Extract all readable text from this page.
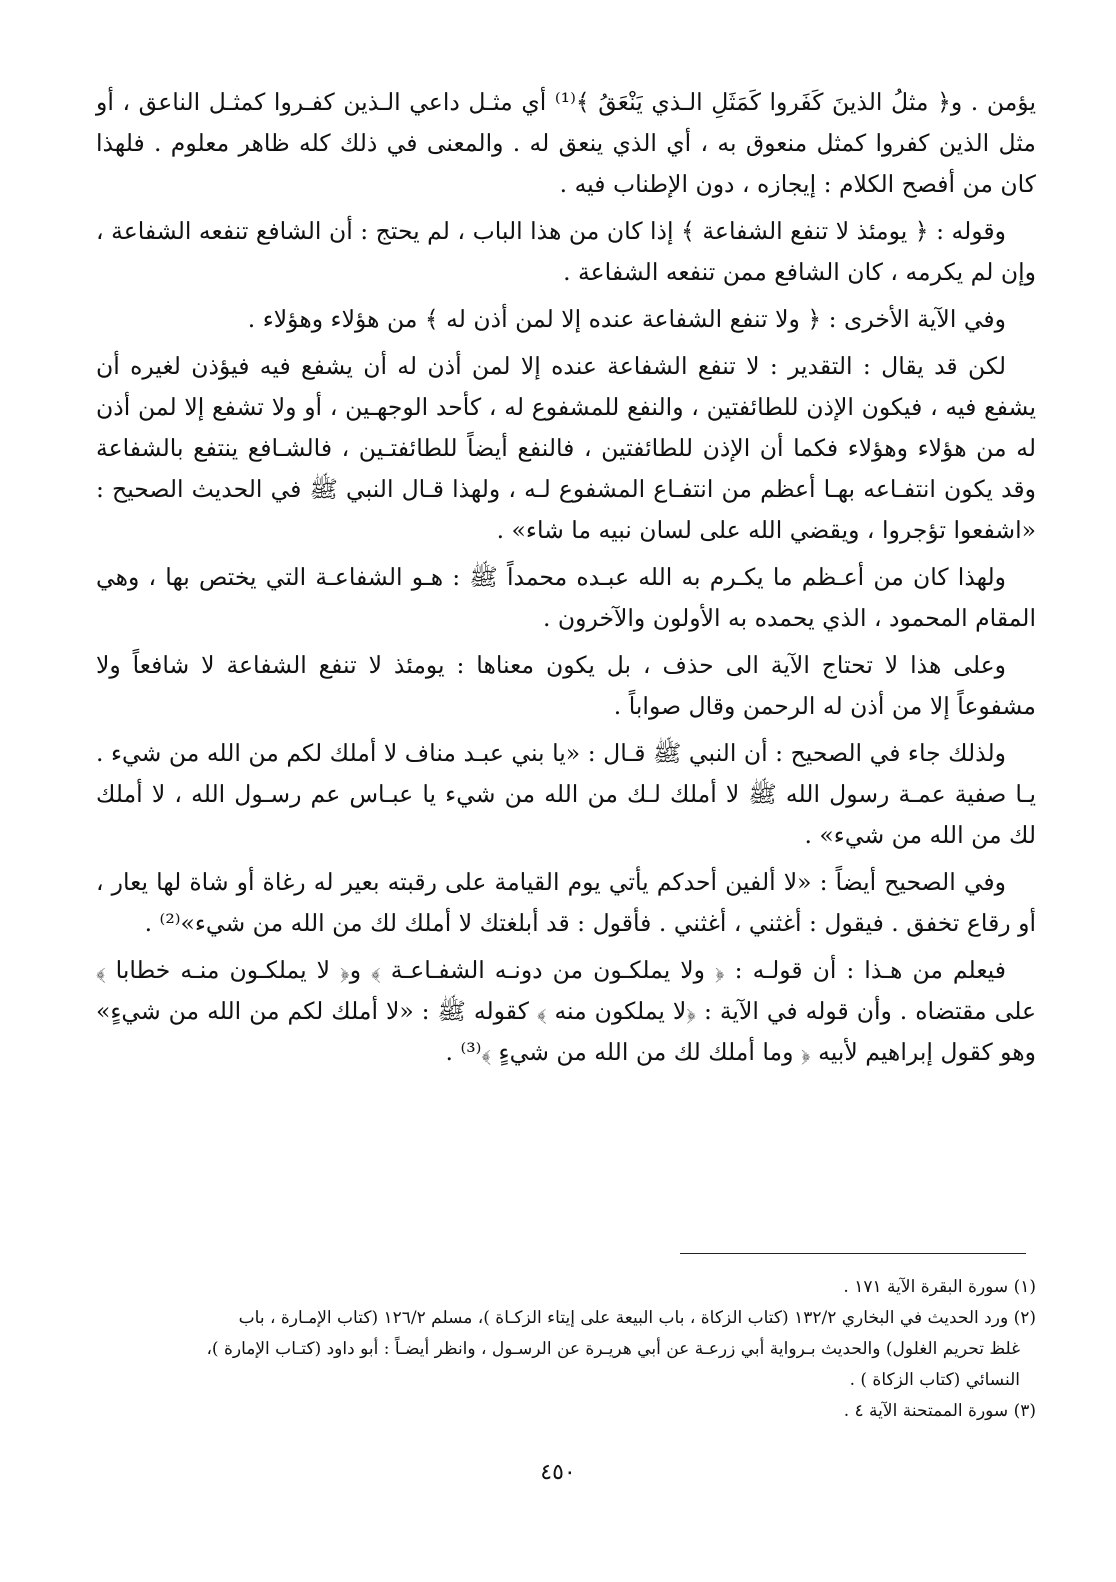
يؤمن . و﴿ مثلُ الذينَ كَفَروا كَمَثَلِ الـذي يَنْعَقُ ﴾⁽¹⁾ أي مثـل داعي الـذين كفـروا كمثـل الناعق ، أو مثل الذين كفروا كمثل منعوق به ، أي الذي ينعق له . والمعنى في ذلك كله ظاهر معلوم . فلهذا كان من أفصح الكلام : إيجازه ، دون الإطناب فيه .

وقوله : ﴿ يومئذ لا تنفع الشفاعة ﴾ إذا كان من هذا الباب ، لم يحتج : أن الشافع تنفعه الشفاعة ، وإن لم يكرمه ، كان الشافع ممن تنفعه الشفاعة .

وفي الآية الأخرى : ﴿ ولا تنفع الشفاعة عنده إلا لمن أذن له ﴾ من هؤلاء وهؤلاء .

لكن قد يقال : التقدير : لا تنفع الشفاعة عنده إلا لمن أذن له أن يشفع فيه فيؤذن لغيره أن يشفع فيه ، فيكون الإذن للطائفتين ، والنفع للمشفوع له ، كأحد الوجهـين ، أو ولا تشفع إلا لمن أذن له من هؤلاء وهؤلاء فكما أن الإذن للطائفتين ، فالنفع أيضاً للطائفتـين ، فالشـافع ينتفع بالشفاعة وقد يكون انتفـاعه بهـا أعظم من انتفـاع المشفوع لـه ، ولهذا قـال النبي ﷺ في الحديث الصحيح : «اشفعوا تؤجروا ، ويقضي الله على لسان نبيه ما شاء» .

ولهذا كان من أعـظم ما يكـرم به الله عبـده محمداً ﷺ : هـو الشفاعـة التي يختص بها ، وهي المقام المحمود ، الذي يحمده به الأولون والآخرون .

وعلى هذا لا تحتاج الآية الى حذف ، بل يكون معناها : يومئذ لا تنفع الشفاعة لا شافعاً ولا مشفوعاً إلا من أذن له الرحمن وقال صواباً .

ولذلك جاء في الصحيح : أن النبي ﷺ قـال : «يا بني عبـد مناف لا أملك لكم من الله من شيء . يـا صفية عمـة رسول الله ﷺ لا أملك لـك من الله من شيء يا عبـاس عم رسـول الله ، لا أملك لك من الله من شيء» .

وفي الصحيح أيضاً : «لا ألفين أحدكم يأتي يوم القيامة على رقبته بعير له رغاة أو شاة لها يعار ، أو رقاع تخفق . فيقول : أغثني ، أغثني . فأقول : قد أبلغتك لا أملك لك من الله من شيء»⁽²⁾ .

فيعلم من هـذا : أن قولـه : ﴿ ولا يملكـون من دونـه الشفـاعـة ﴾ و﴿ لا يملكـون منـه خطابا ﴾ على مقتضاه . وأن قوله في الآية : ﴿لا يملكون منه ﴾ كقوله ﷺ : «لا أملك لكم من الله من شيءٍ» وهو كقول إبراهيم لأبيه ﴿ وما أملك لك من الله من شيءٍ ﴾⁽³⁾ .

(١) سورة البقرة الآية ١٧١ .

(٢) ورد الحديث في البخاري ١٣٢/٢ (كتاب الزكاة ، باب البيعة على إيتاء الزكـاة )، مسلم ١٢٦/٢ (كتاب الإمـارة ، باب

غلظ تحريم الغلول) والحديث بـرواية أبي زرعـة عن أبي هريـرة عن الرسـول ، وانظر أيضـاً : أبو داود (كتـاب الإمارة )،

النسائي (كتاب الزكاة ) .

(٣) سورة الممتحنة الآية ٤ .

٤٥٠
